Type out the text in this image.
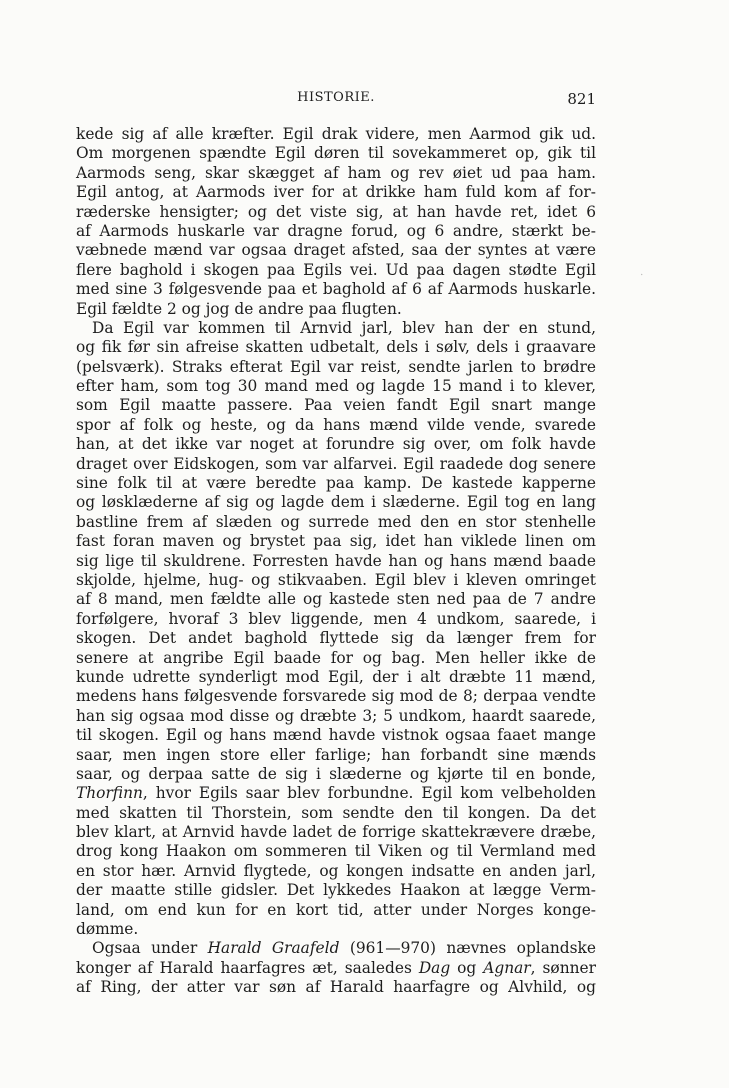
HISTORIE.	821
⸱
kede sig af alle kræfter. Egil drak videre, men Aarmod gik ud.
Om morgenen spændte Egil døren til sovekammeret op, gik til
Aarmods seng, skar skægget af ham og rev øiet ud paa ham.
Egil antog, at Aarmods iver for at drikke ham fuld kom af for-
ræderske hensigter; og det viste sig, at han havde ret, idet 6
af Aarmods huskarle var dragne forud, og 6 andre, stærkt be-
væbnede mænd var ogsaa draget afsted, saa der syntes at være
flere baghold i skogen paa Egils vei. Ud paa dagen stødte Egil
med sine 3 følgesvende paa et baghold af 6 af Aarmods huskarle.
Egil fældte 2 og jog de andre paa flugten.
Da Egil var kommen til Arnvid jarl, blev han der en stund,
og fik før sin afreise skatten udbetalt, dels i sølv, dels i graavare
(pelsværk). Straks efterat Egil var reist, sendte jarlen to brødre
efter ham, som tog 30 mand med og lagde 15 mand i to klever,
som Egil maatte passere. Paa veien fandt Egil snart mange
spor af folk og heste, og da hans mænd vilde vende, svarede
han, at det ikke var noget at forundre sig over, om folk havde
draget over Eidskogen, som var alfarvei. Egil raadede dog senere
sine folk til at være beredte paa kamp. De kastede kapperne
og løsklæderne af sig og lagde dem i slæderne. Egil tog en lang
bastline frem af slæden og surrede med den en stor stenhelle
fast foran maven og brystet paa sig, idet han viklede linen om
sig lige til skuldrene. Forresten havde han og hans mænd baade
skjolde, hjelme, hug- og stikvaaben. Egil blev i kleven omringet
af 8 mand, men fældte alle og kastede sten ned paa de 7 andre
forfølgere, hvoraf 3 blev liggende, men 4 undkom, saarede, i
skogen. Det andet baghold flyttede sig da længer frem for
senere at angribe Egil baade for og bag. Men heller ikke de
kunde udrette synderligt mod Egil, der i alt dræbte 11 mænd,
medens hans følgesvende forsvarede sig mod de 8; derpaa vendte
han sig ogsaa mod disse og dræbte 3; 5 undkom, haardt saarede,
til skogen. Egil og hans mænd havde vistnok ogsaa faaet mange
saar, men ingen store eller farlige; han forbandt sine mænds
saar, og derpaa satte de sig i slæderne og kjørte til en bonde,
Thorfinn, hvor Egils saar blev forbundne. Egil kom velbeholden
med skatten til Thorstein, som sendte den til kongen. Da det
blev klart, at Arnvid havde ladet de forrige skattekrævere dræbe,
drog kong Haakon om sommeren til Viken og til Vermland med
en stor hær. Arnvid flygtede, og kongen indsatte en anden jarl,
der maatte stille gidsler. Det lykkedes Haakon at lægge Verm-
land, om end kun for en kort tid, atter under Norges konge-
dømme.
Ogsaa under Harald Graafeld (961—970) nævnes oplandske
konger af Harald haarfagres æt, saaledes Dag og Agnar, sønner
af Ring, der atter var søn af Harald haarfagre og Alvhild, og
